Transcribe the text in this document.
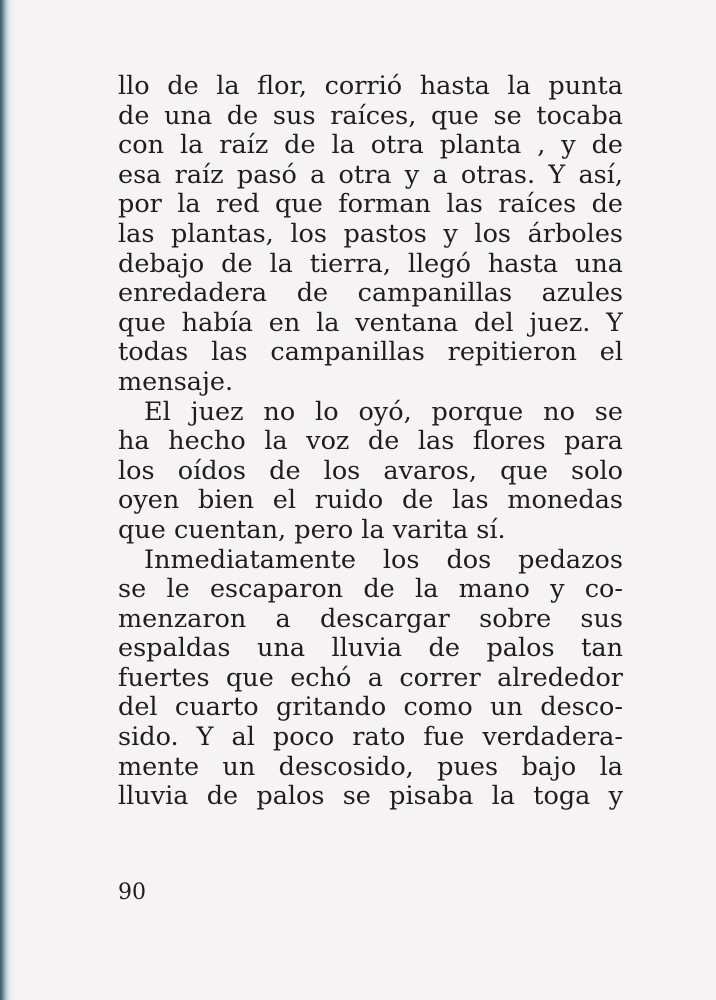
llo de la flor, corrió hasta la punta
de una de sus raíces, que se tocaba
con la raíz de la otra planta , y de
esa raíz pasó a otra y a otras. Y así,
por la red que forman las raíces de
las plantas, los pastos y los árboles
debajo de la tierra, llegó hasta una
enredadera de campanillas azules
que había en la ventana del juez. Y
todas las campanillas repitieron el
mensaje.
El juez no lo oyó, porque no se
ha hecho la voz de las flores para
los oídos de los avaros, que solo
oyen bien el ruido de las monedas
que cuentan, pero la varita sí.
Inmediatamente los dos pedazos
se le escaparon de la mano y co-
menzaron a descargar sobre sus
espaldas una lluvia de palos tan
fuertes que echó a correr alrededor
del cuarto gritando como un desco-
sido. Y al poco rato fue verdadera-
mente un descosido, pues bajo la
lluvia de palos se pisaba la toga y
90
